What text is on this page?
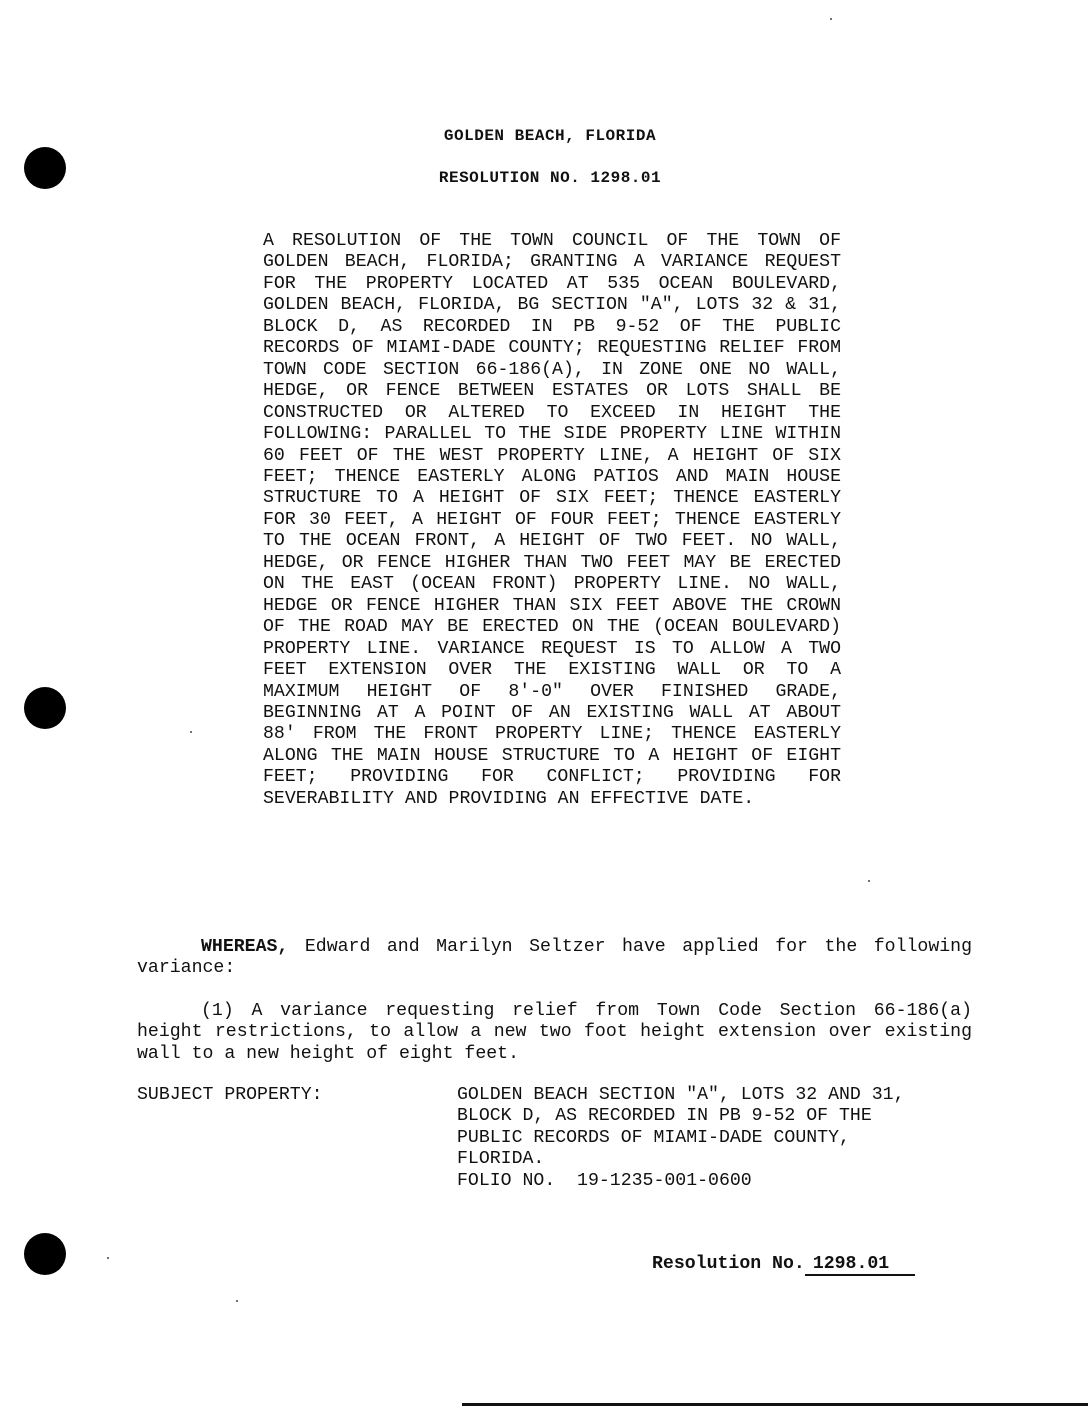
GOLDEN BEACH, FLORIDA
RESOLUTION NO. 1298.01
A RESOLUTION OF THE TOWN COUNCIL OF THE TOWN OF GOLDEN BEACH, FLORIDA; GRANTING A VARIANCE REQUEST FOR THE PROPERTY LOCATED AT 535 OCEAN BOULEVARD, GOLDEN BEACH, FLORIDA, BG SECTION "A", LOTS 32 & 31, BLOCK D, AS RECORDED IN PB 9-52 OF THE PUBLIC RECORDS OF MIAMI-DADE COUNTY; REQUESTING RELIEF FROM TOWN CODE SECTION 66-186(A), IN ZONE ONE NO WALL, HEDGE, OR FENCE BETWEEN ESTATES OR LOTS SHALL BE CONSTRUCTED OR ALTERED TO EXCEED IN HEIGHT THE FOLLOWING: PARALLEL TO THE SIDE PROPERTY LINE WITHIN 60 FEET OF THE WEST PROPERTY LINE, A HEIGHT OF SIX FEET; THENCE EASTERLY ALONG PATIOS AND MAIN HOUSE STRUCTURE TO A HEIGHT OF SIX FEET; THENCE EASTERLY FOR 30 FEET, A HEIGHT OF FOUR FEET; THENCE EASTERLY TO THE OCEAN FRONT, A HEIGHT OF TWO FEET. NO WALL, HEDGE, OR FENCE HIGHER THAN TWO FEET MAY BE ERECTED ON THE EAST (OCEAN FRONT) PROPERTY LINE. NO WALL, HEDGE OR FENCE HIGHER THAN SIX FEET ABOVE THE CROWN OF THE ROAD MAY BE ERECTED ON THE (OCEAN BOULEVARD) PROPERTY LINE. VARIANCE REQUEST IS TO ALLOW A TWO FEET EXTENSION OVER THE EXISTING WALL OR TO A MAXIMUM HEIGHT OF 8'-0" OVER FINISHED GRADE, BEGINNING AT A POINT OF AN EXISTING WALL AT ABOUT 88' FROM THE FRONT PROPERTY LINE; THENCE EASTERLY ALONG THE MAIN HOUSE STRUCTURE TO A HEIGHT OF EIGHT FEET; PROVIDING FOR CONFLICT; PROVIDING FOR SEVERABILITY AND PROVIDING AN EFFECTIVE DATE.
WHEREAS, Edward and Marilyn Seltzer have applied for the following variance:
(1) A variance requesting relief from Town Code Section 66-186(a) height restrictions, to allow a new two foot height extension over existing wall to a new height of eight feet.
SUBJECT PROPERTY:	GOLDEN BEACH SECTION "A", LOTS 32 AND 31,
BLOCK D, AS RECORDED IN PB 9-52 OF THE
PUBLIC RECORDS OF MIAMI-DADE COUNTY,
FLORIDA.
FOLIO NO.  19-1235-001-0600
Resolution No. 1298.01
